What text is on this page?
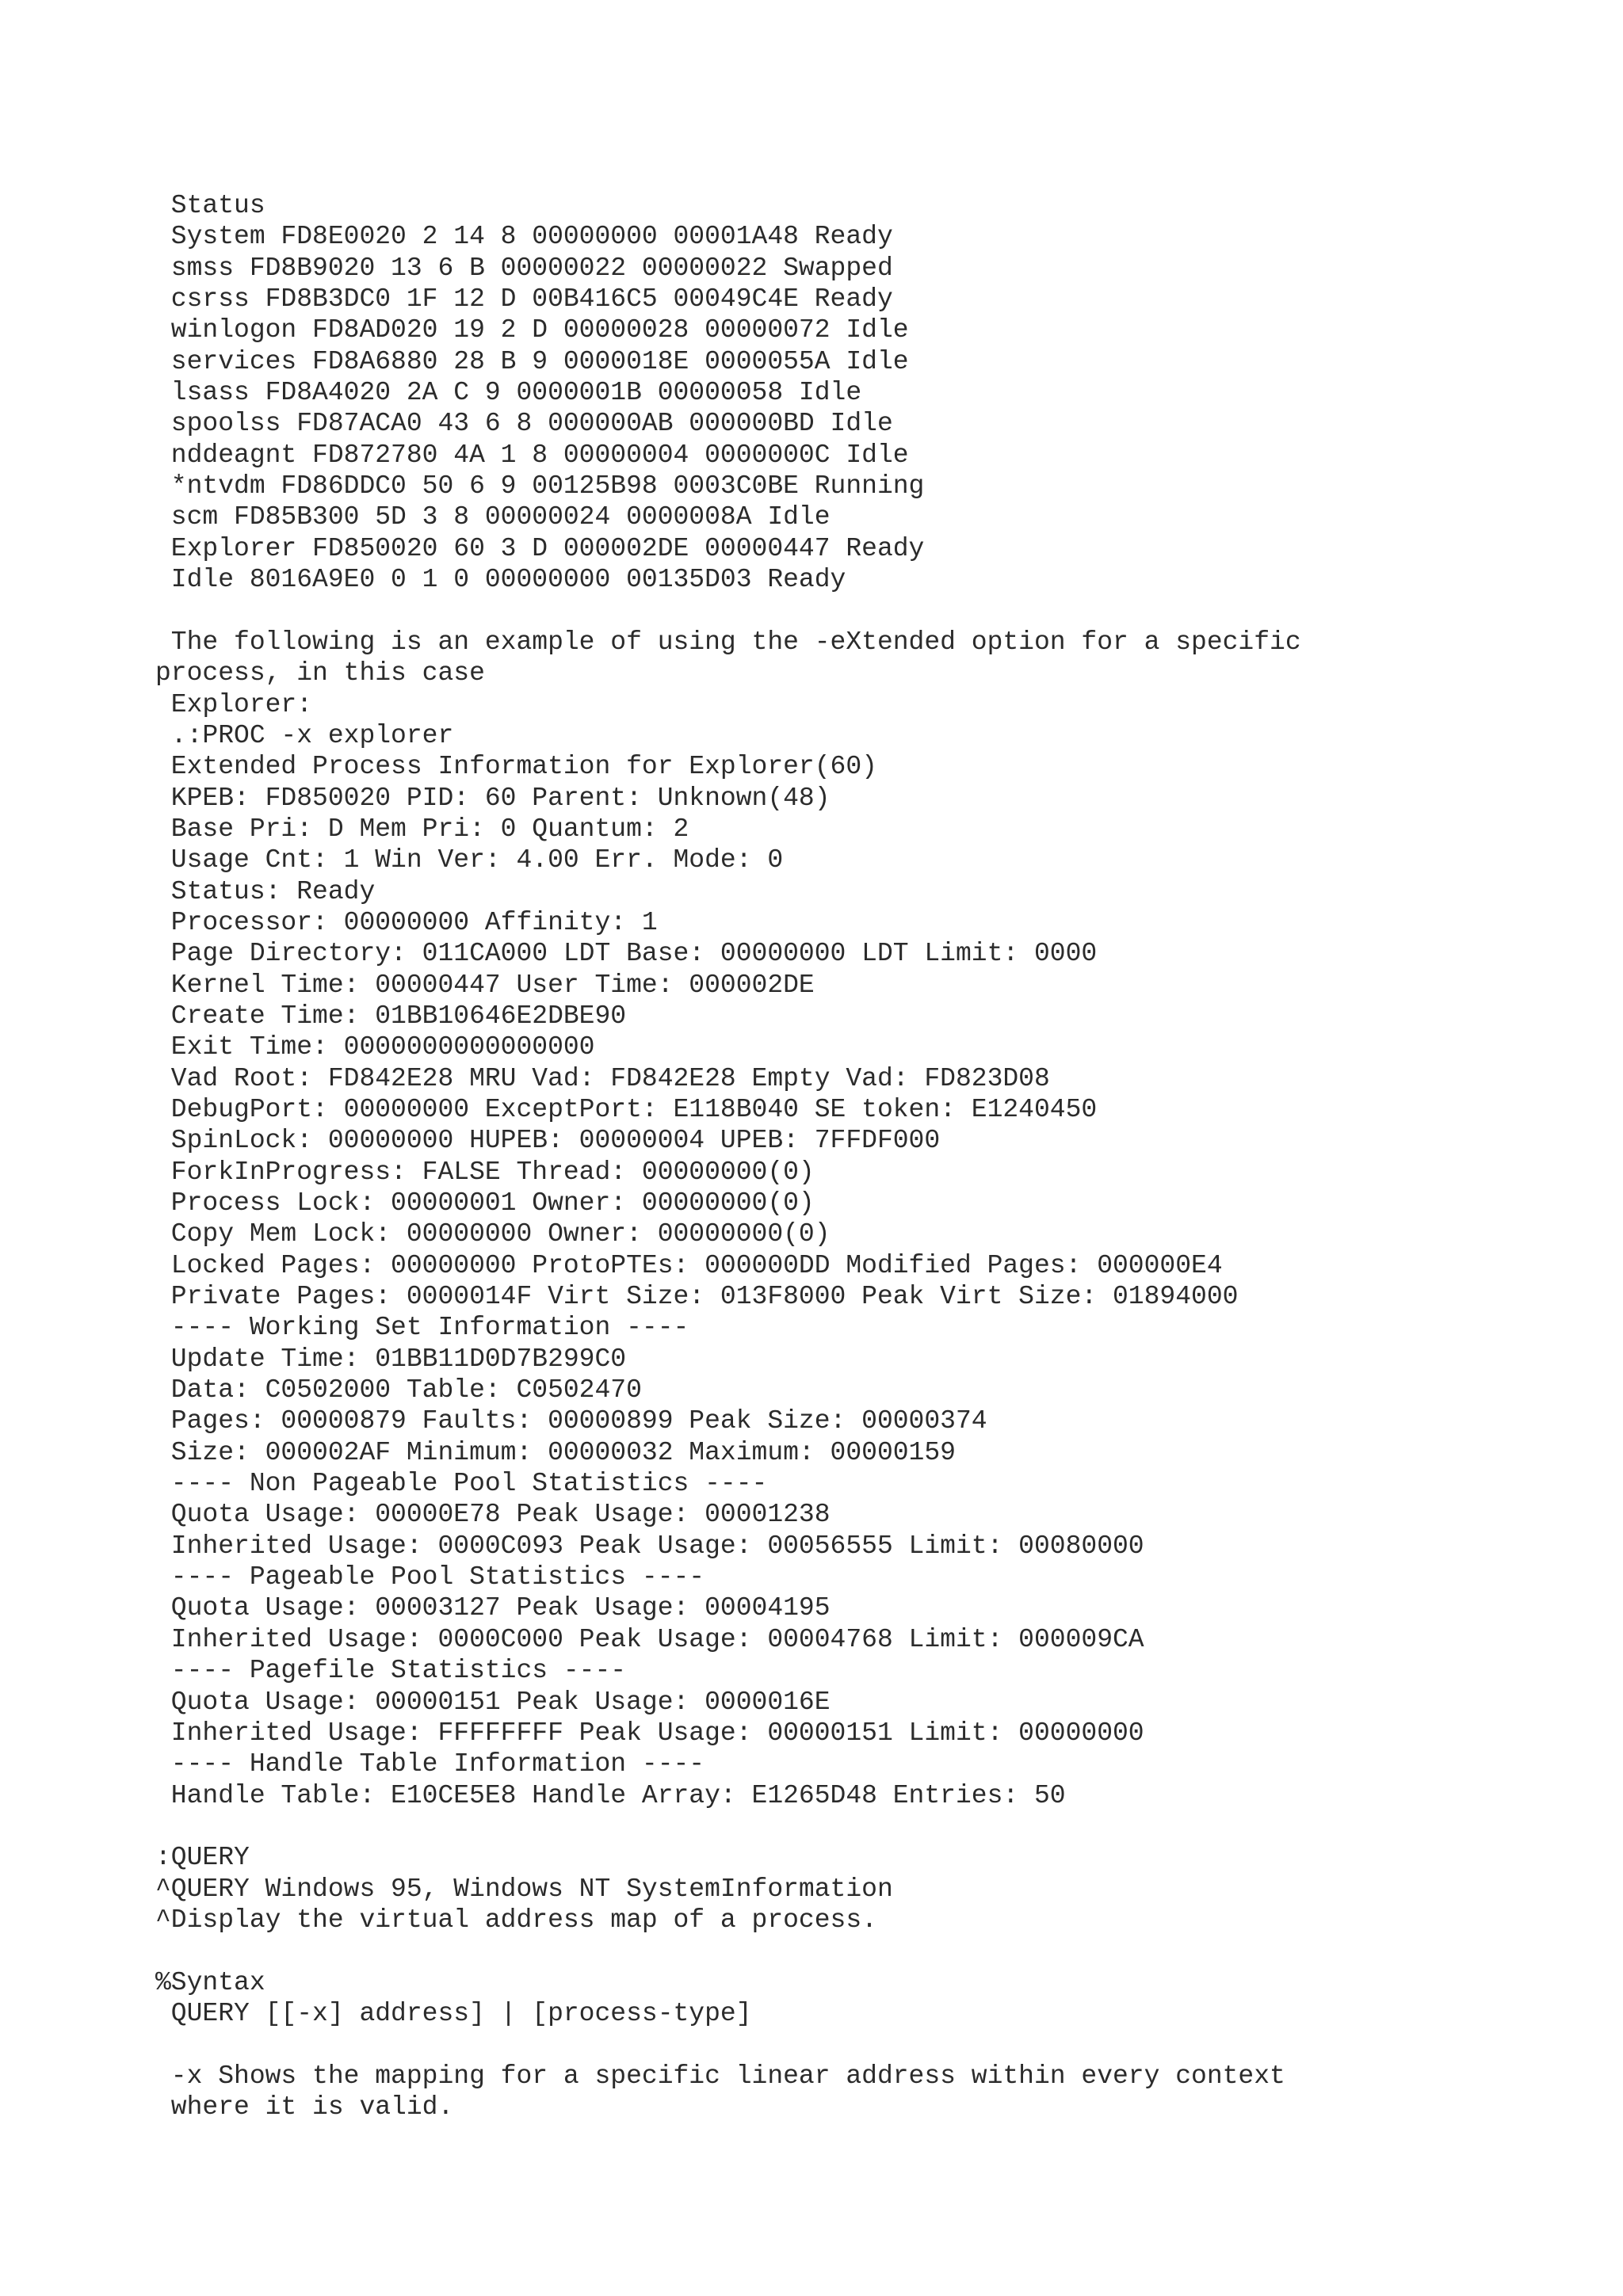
Status
System FD8E0020 2 14 8 00000000 00001A48 Ready
smss FD8B9020 13 6 B 00000022 00000022 Swapped
csrss FD8B3DC0 1F 12 D 00B416C5 00049C4E Ready
winlogon FD8AD020 19 2 D 00000028 00000072 Idle
services FD8A6880 28 B 9 0000018E 0000055A Idle
lsass FD8A4020 2A C 9 0000001B 00000058 Idle
spoolss FD87ACA0 43 6 8 000000AB 000000BD Idle
nddeagnt FD872780 4A 1 8 00000004 0000000C Idle
*ntvdm FD86DDC0 50 6 9 00125B98 0003C0BE Running
scm FD85B300 5D 3 8 00000024 0000008A Idle
Explorer FD850020 60 3 D 000002DE 00000447 Ready
Idle 8016A9E0 0 1 0 00000000 00135D03 Ready
The following is an example of using the -eXtended option for a specific
process, in this case
Explorer:
.:PROC -x explorer
Extended Process Information for Explorer(60)
KPEB: FD850020 PID: 60 Parent: Unknown(48)
Base Pri: D Mem Pri: 0 Quantum: 2
Usage Cnt: 1 Win Ver: 4.00 Err. Mode: 0
Status: Ready
Processor: 00000000 Affinity: 1
Page Directory: 011CA000 LDT Base: 00000000 LDT Limit: 0000
Kernel Time: 00000447 User Time: 000002DE
Create Time: 01BB10646E2DBE90
Exit Time: 0000000000000000
Vad Root: FD842E28 MRU Vad: FD842E28 Empty Vad: FD823D08
DebugPort: 00000000 ExceptPort: E118B040 SE token: E1240450
SpinLock: 00000000 HUPEB: 00000004 UPEB: 7FFDF000
ForkInProgress: FALSE Thread: 00000000(0)
Process Lock: 00000001 Owner: 00000000(0)
Copy Mem Lock: 00000000 Owner: 00000000(0)
Locked Pages: 00000000 ProtoPTEs: 000000DD Modified Pages: 000000E4
Private Pages: 0000014F Virt Size: 013F8000 Peak Virt Size: 01894000
---- Working Set Information ----
Update Time: 01BB11D0D7B299C0
Data: C0502000 Table: C0502470
Pages: 00000879 Faults: 00000899 Peak Size: 00000374
Size: 000002AF Minimum: 00000032 Maximum: 00000159
---- Non Pageable Pool Statistics ----
Quota Usage: 00000E78 Peak Usage: 00001238
Inherited Usage: 0000C093 Peak Usage: 00056555 Limit: 00080000
---- Pageable Pool Statistics ----
Quota Usage: 00003127 Peak Usage: 00004195
Inherited Usage: 0000C000 Peak Usage: 00004768 Limit: 000009CA
---- Pagefile Statistics ----
Quota Usage: 00000151 Peak Usage: 0000016E
Inherited Usage: FFFFFFFF Peak Usage: 00000151 Limit: 00000000
---- Handle Table Information ----
Handle Table: E10CE5E8 Handle Array: E1265D48 Entries: 50
:QUERY
^QUERY Windows 95, Windows NT SystemInformation
^Display the virtual address map of a process.
%Syntax
QUERY [[-x] address] | [process-type]
-x Shows the mapping for a specific linear address within every context
where it is valid.
